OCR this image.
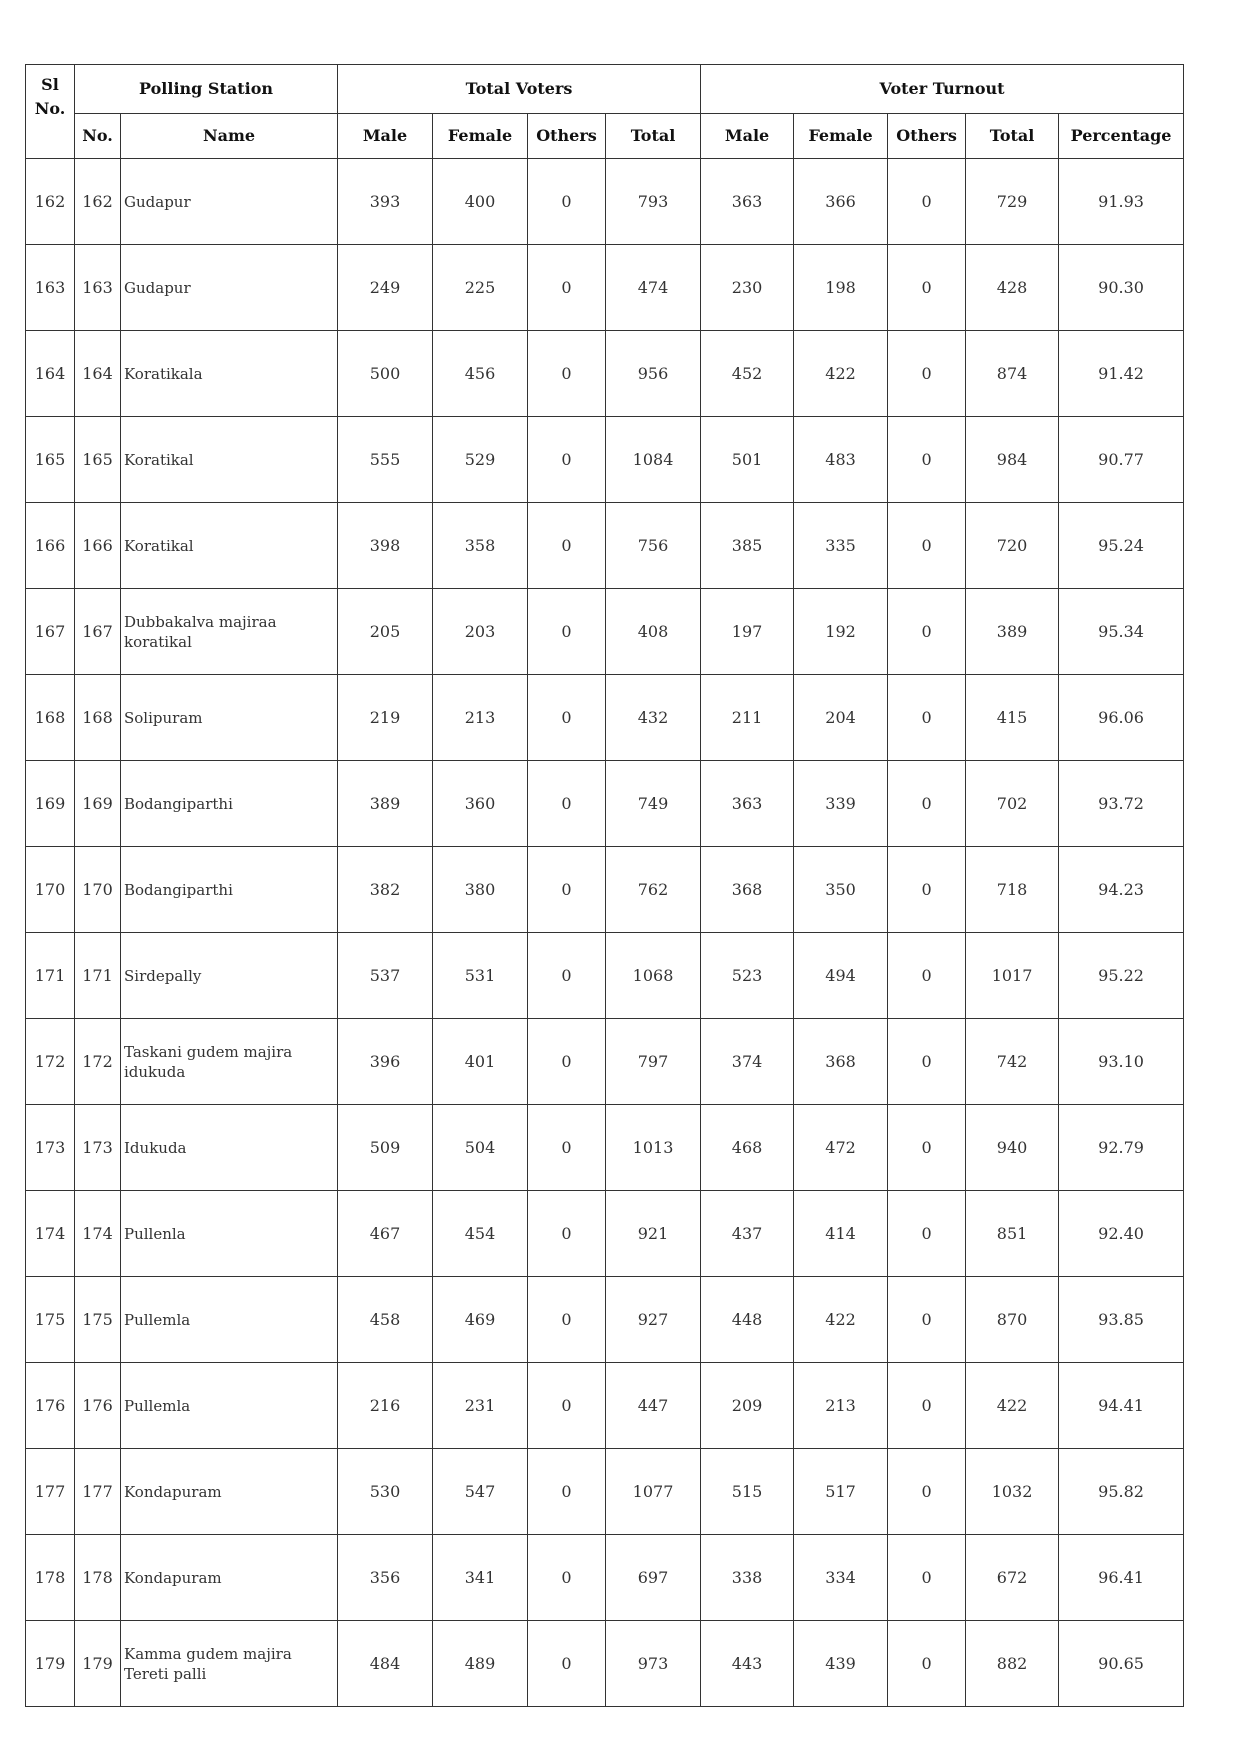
Sl No.	Polling Station		Total Voters				Voter Turnout				
	No.	Name	Male	Female	Others	Total	Male	Female	Others	Total	Percentage
162	162	Gudapur	393	400	0	793	363	366	0	729	91.93
163	163	Gudapur	249	225	0	474	230	198	0	428	90.30
164	164	Koratikala	500	456	0	956	452	422	0	874	91.42
165	165	Koratikal	555	529	0	1084	501	483	0	984	90.77
166	166	Koratikal	398	358	0	756	385	335	0	720	95.24
167	167	Dubbakalva majiraa koratikal	205	203	0	408	197	192	0	389	95.34
168	168	Solipuram	219	213	0	432	211	204	0	415	96.06
169	169	Bodangiparthi	389	360	0	749	363	339	0	702	93.72
170	170	Bodangiparthi	382	380	0	762	368	350	0	718	94.23
171	171	Sirdepally	537	531	0	1068	523	494	0	1017	95.22
172	172	Taskani gudem majira idukuda	396	401	0	797	374	368	0	742	93.10
173	173	Idukuda	509	504	0	1013	468	472	0	940	92.79
174	174	Pullenla	467	454	0	921	437	414	0	851	92.40
175	175	Pullemla	458	469	0	927	448	422	0	870	93.85
176	176	Pullemla	216	231	0	447	209	213	0	422	94.41
177	177	Kondapuram	530	547	0	1077	515	517	0	1032	95.82
178	178	Kondapuram	356	341	0	697	338	334	0	672	96.41
179	179	Kamma gudem majira Tereti palli	484	489	0	973	443	439	0	882	90.65
